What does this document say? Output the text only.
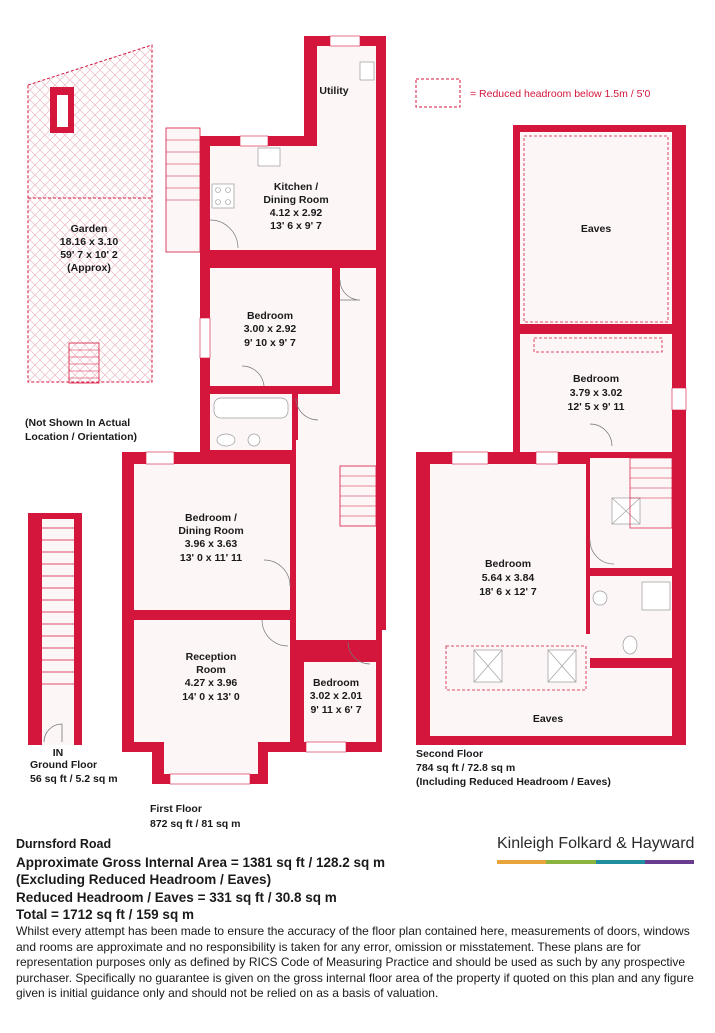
= Reduced headroom below 1.5m / 5'0
Garden
18.16 x 3.10
59' 7 x 10' 2
(Approx)
(Not Shown In Actual
Location / Orientation)
IN
Ground Floor
56 sq ft / 5.2 sq m
Utility
Kitchen /
Dining Room
4.12 x 2.92
13' 6 x 9' 7
Bedroom
3.00 x 2.92
9' 10 x 9' 7
Bedroom /
Dining Room
3.96 x 3.63
13' 0 x 11' 11
Reception
Room
4.27 x 3.96
14' 0 x 13' 0
Bedroom
3.02 x 2.01
9' 11 x 6' 7
First Floor
872 sq ft / 81 sq m
Eaves
Bedroom
3.79 x 3.02
12' 5 x 9' 11
Bedroom
5.64 x 3.84
18' 6 x 12' 7
Eaves
Second Floor
784 sq ft / 72.8 sq m
(Including Reduced Headroom / Eaves)
Durnsford Road
Approximate Gross Internal Area = 1381 sq ft / 128.2 sq m
(Excluding Reduced Headroom / Eaves)
Reduced Headroom / Eaves = 331 sq ft / 30.8 sq m
Total = 1712 sq ft / 159 sq m
Kinleigh Folkard & Hayward
Whilst every attempt has been made to ensure the accuracy of the floor plan contained here, measurements of doors, windows and rooms are approximate and no responsibility is taken for any error, omission or misstatement. These plans are for representation purposes only as defined by RICS Code of Measuring Practice and should be used as such by any prospective purchaser. Specifically no guarantee is given on the gross internal floor area of the property if quoted on this plan and any figure given is initial guidance only and should not be relied on as a basis of valuation.
